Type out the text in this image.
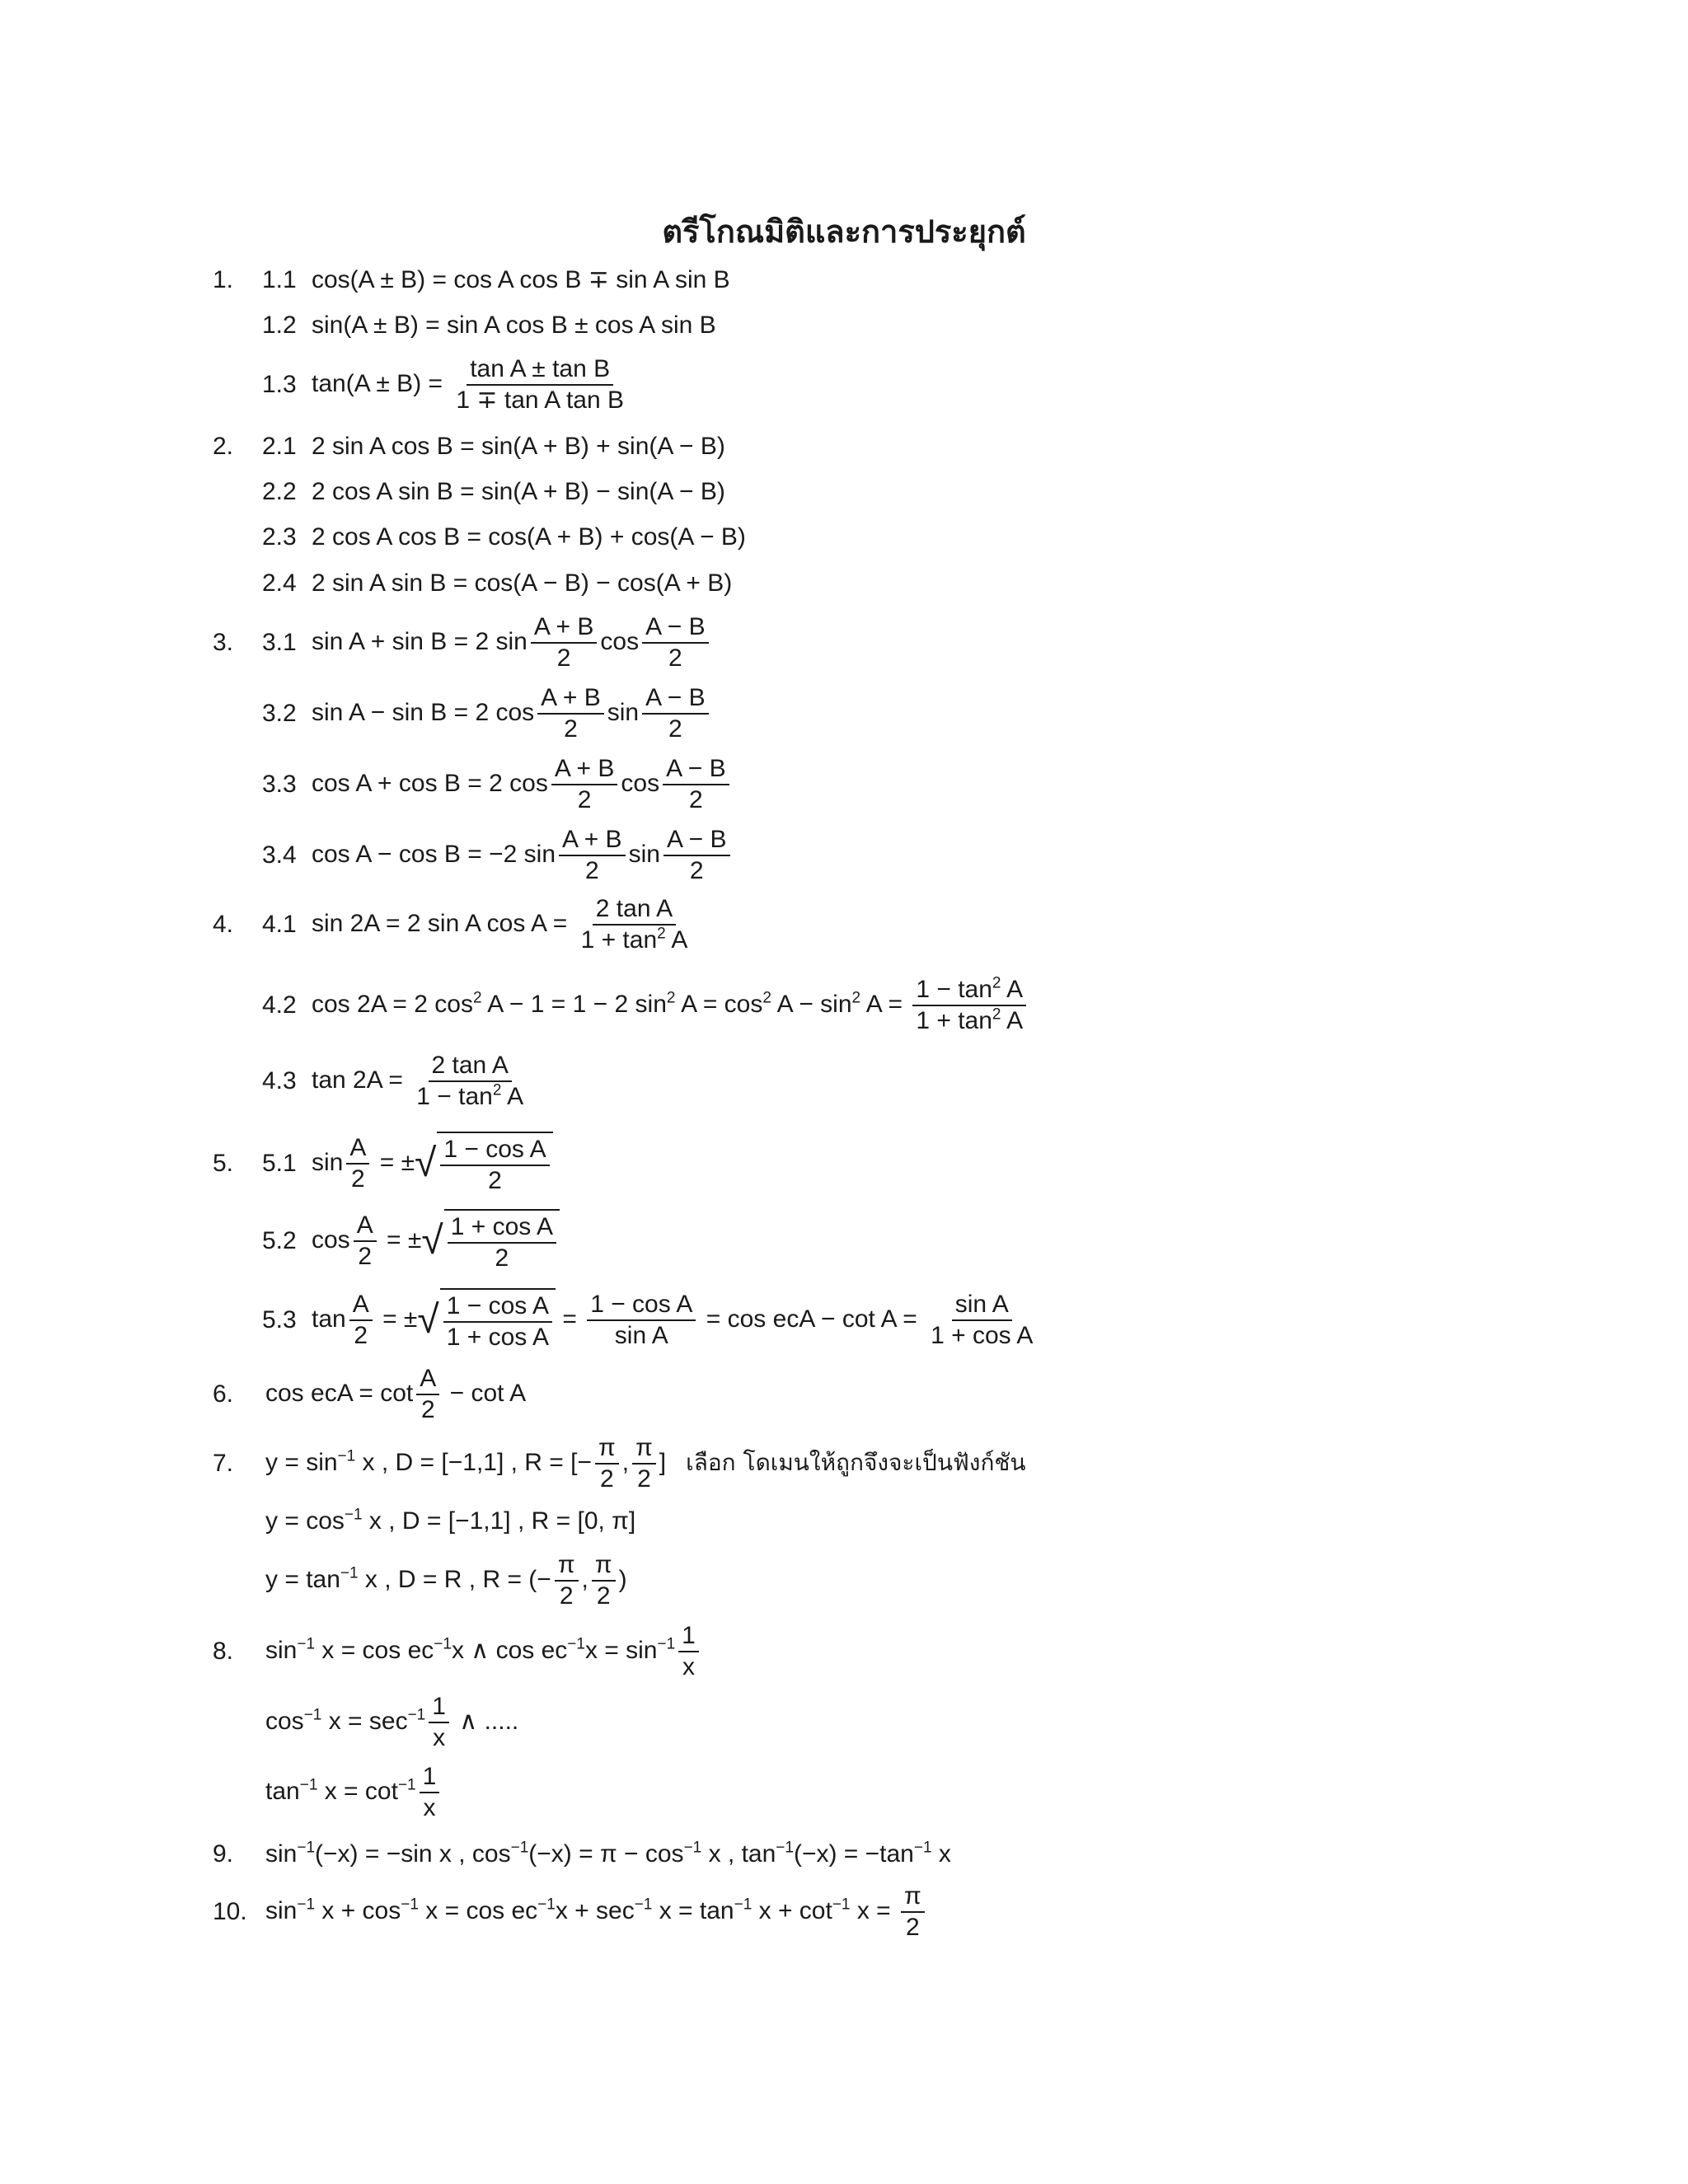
ตรีโกณมิติและการประยุกต์
1. 1.1 cos(A ± B) = cos A cos B ∓ sin A sin B
1.2 sin(A ± B) = sin A cos B ± cos A sin B
1.3 $\tan(A \pm B) = \frac{\text{tan A ± tan B}}{\text{1 ∓ tan A tan B}}$
2. 2.1 2 sin A cos B = sin(A + B) + sin(A − B)
2.2 2 cos A sin B = sin(A + B) − sin(A − B)
2.3 2 cos A cos B = cos(A + B) + cos(A − B)
2.4 2 sin A sin B = cos(A − B) − cos(A + B)
3. 3.1 sin A + sin B = 2 $\sin \frac{A + B}{2}$ $\cos \frac{A - B}{2}$
3.2 sin A − sin B = 2 $\cos \frac{A + B}{2}$ $\sin \frac{A - B}{2}$
3.3 cos A + cos B = 2 $\cos \frac{A + B}{2}$ $\cos \frac{A - B}{2}$
3.4 cos A − cos B = −2 $\sin \frac{A + B}{2}$ $\sin \frac{A - B}{2}$
4. 4.1 sin 2A = 2 sin A $\cos A = \frac{\text{2 tan A}}{1 + \tan^2 A}$
4.2 cos 2A = 2 $\cos^2 A - 1 = 1 - 2$ $\sin^2 A = \cos^2 A - \sin^2 A = \frac{1 - \tan^2 A}{1 + \tan^2 A}$
4.3 $\tan 2A = \frac{\text{2 tan A}}{1 - \tan^2 A}$
5. 5.1 $\sin \frac{A}{2}$ = ± √ $\frac{\text{1 − cos A}}{2}$
5.2 $\cos \frac{A}{2}$ = ± √ $\frac{\text{1 + cos A}}{2}$
5.3 $\tan \frac{A}{2}$ = ± √ $\frac{\text{1 − cos A}}{\text{1 + cos A}} = \frac{\text{1 − cos A}}{\text{sin A}} = \cos$ ecA − $\cot A = \frac{\text{sin A}}{\text{1 + cos A}}$
6. cos ecA = $\cot \frac{A}{2} - \cot A$
7. $y = \sin^{-1} x$ , D = [−1,1] , R = [− $\frac{\pi}{2}$ , $\frac{\pi}{2}$ ] เลือก โดเมนให้ถูกจึงจะเป็นฟังก์ชัน
$y = \cos^{-1} x$ , D = [−1,1] , R = [0, π]
$y = \tan^{-1} x$ , D = R , R = (− $\frac{\pi}{2}$ , $\frac{\pi}{2}$ )
8. $\sin^{-1} x = \cos ec^{-1}x$ ∧ $\cos ec^{-1}x = \sin^{-1} \frac{1}{x}$
$\cos^{-1} x = \sec^{-1} \frac{1}{x}$ ∧ .....
$\tan^{-1} x = \cot^{-1} \frac{1}{x}$
9. $\sin^{-1}(-x) = -\sin$ x , $\cos^{-1}(-x) = \pi - \cos^{-1} x$ , $\tan^{-1}(-x) = -\tan^{-1}$ x
10. $\sin^{-1} x + \cos^{-1} x = \cos ec^{-1}x + \sec^{-1} x = \tan^{-1} x + \cot^{-1} x = \frac{\pi}{2}$
